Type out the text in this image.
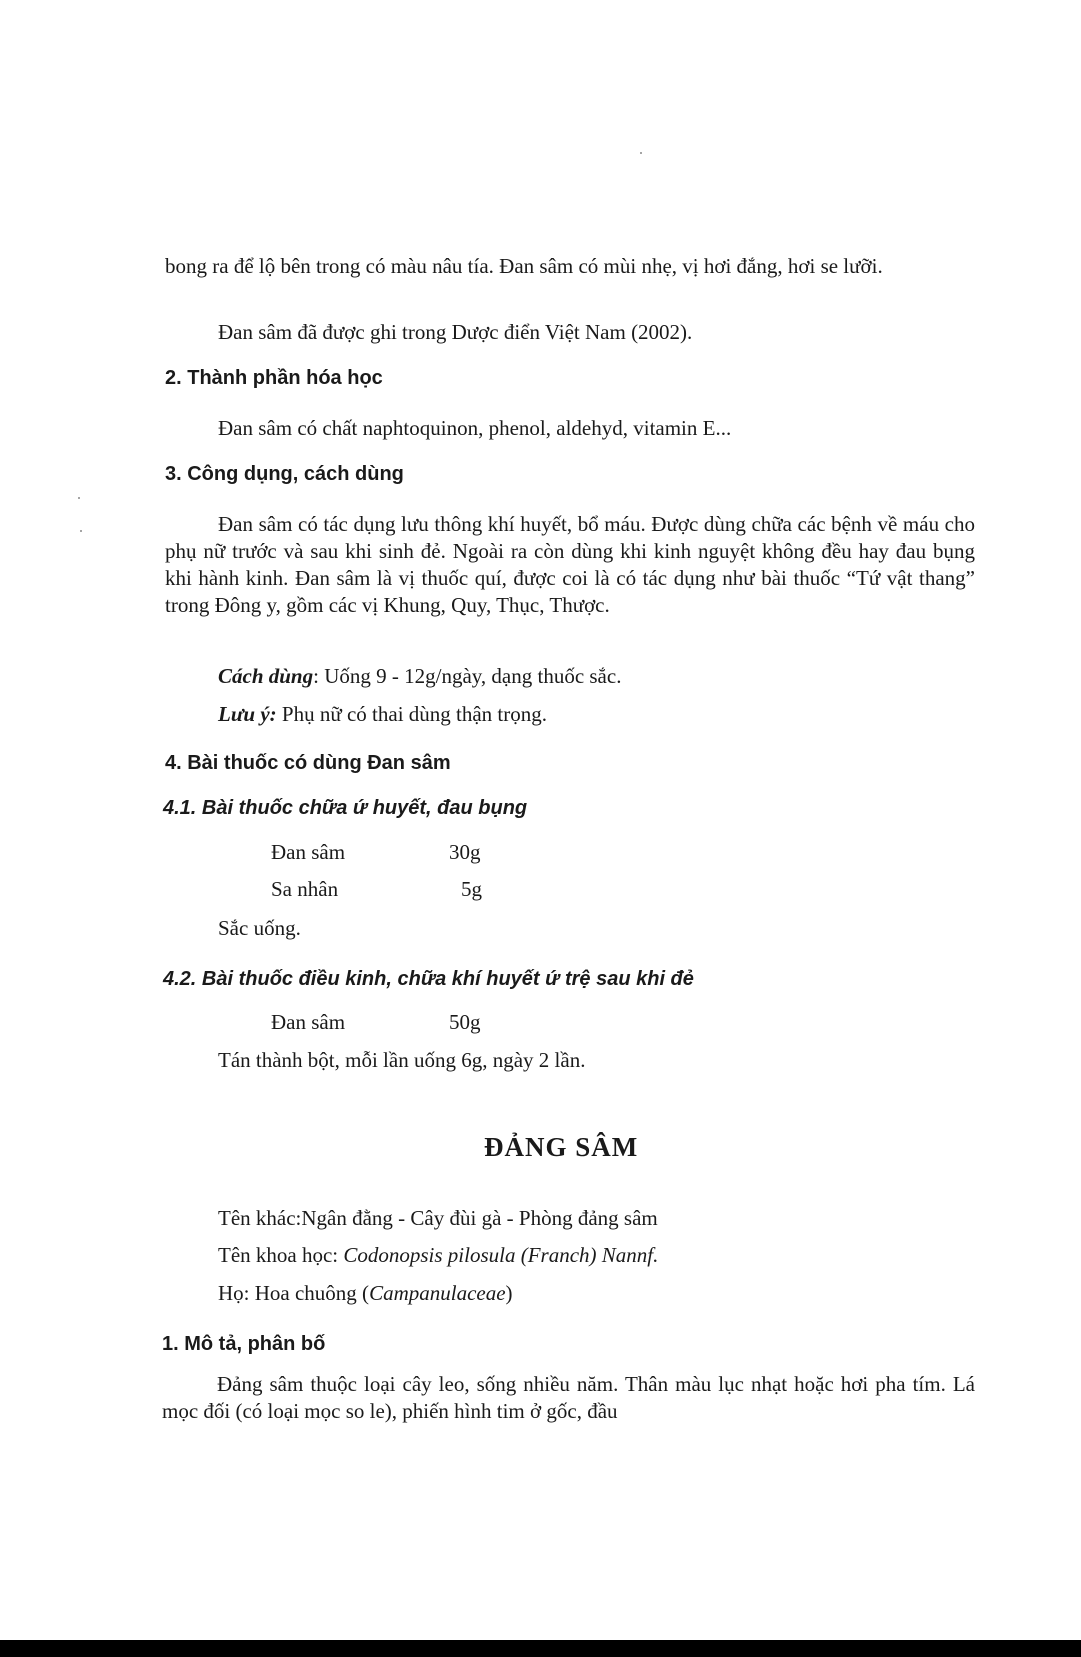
bong ra để lộ bên trong có màu nâu tía. Đan sâm có mùi nhẹ, vị hơi đắng, hơi se lưỡi.

Đan sâm đã được ghi trong Dược điển Việt Nam (2002).

2. Thành phần hóa học

Đan sâm có chất naphtoquinon, phenol, aldehyd, vitamin E...

3. Công dụng, cách dùng

Đan sâm có tác dụng lưu thông khí huyết, bổ máu. Được dùng chữa các bệnh về máu cho phụ nữ trước và sau khi sinh đẻ. Ngoài ra còn dùng khi kinh nguyệt không đều hay đau bụng khi hành kinh. Đan sâm là vị thuốc quí, được coi là có tác dụng như bài thuốc “Tứ vật thang” trong Đông y, gồm các vị Khung, Quy, Thục, Thược.

Cách dùng: Uống 9 - 12g/ngày, dạng thuốc sắc.

Lưu ý: Phụ nữ có thai dùng thận trọng.

4. Bài thuốc có dùng Đan sâm
4.1. Bài thuốc chữa ứ huyết, đau bụng
Đan sâm	30g
Sa nhân	5g

Sắc uống.

4.2. Bài thuốc điều kinh, chữa khí huyết ứ trệ sau khi đẻ
Đan sâm	50g

Tán thành bột, mỗi lần uống 6g, ngày 2 lần.

ĐẢNG SÂM

Tên khác:Ngân đằng - Cây đùi gà - Phòng đảng sâm

Tên khoa học: Codonopsis pilosula (Franch) Nannf.

Họ: Hoa chuông (Campanulaceae)

1. Mô tả, phân bố

Đảng sâm thuộc loại cây leo, sống nhiều năm. Thân màu lục nhạt hoặc hơi pha tím. Lá mọc đối (có loại mọc so le), phiến hình tim ở gốc, đầu
